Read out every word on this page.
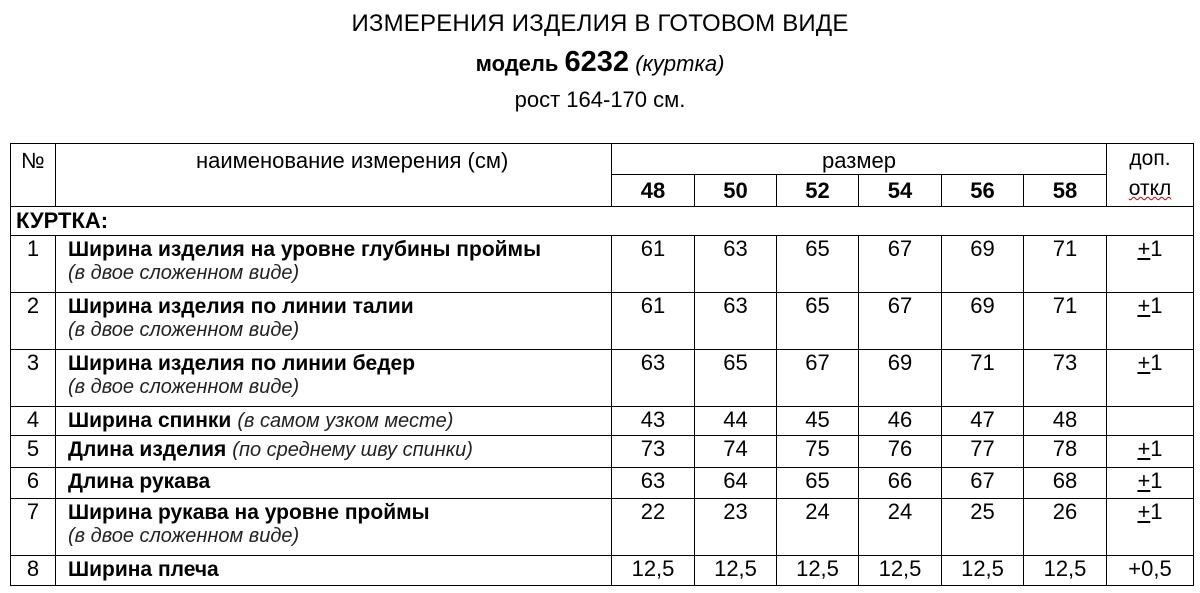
ИЗМЕРЕНИЯ ИЗДЕЛИЯ В ГОТОВОМ ВИДЕ
модель 6232 (куртка)
рост 164-170 см.
№	наименование измерения (см)	размер						доп.
откл

		48	50	52	54	56	58	
КУРТКА:								
1	Ширина изделия на уровне глубины проймы
(в двое сложенном виде)	61	63	65	67	69	71	+1
2	Ширина изделия по линии талии
(в двое сложенном виде)	61	63	65	67	69	71	+1
3	Ширина изделия по линии бедер
(в двое сложенном виде)	63	65	67	69	71	73	+1
4	Ширина спинки (в самом узком месте)	43	44	45	46	47	48	
5	Длина изделия (по среднему шву спинки)	73	74	75	76	77	78	+1
6	Длина рукава	63	64	65	66	67	68	+1
7	Ширина рукава на уровне проймы
(в двое сложенном виде)	22	23	24	24	25	26	+1
8	Ширина плеча	12,5	12,5	12,5	12,5	12,5	12,5	+0,5
